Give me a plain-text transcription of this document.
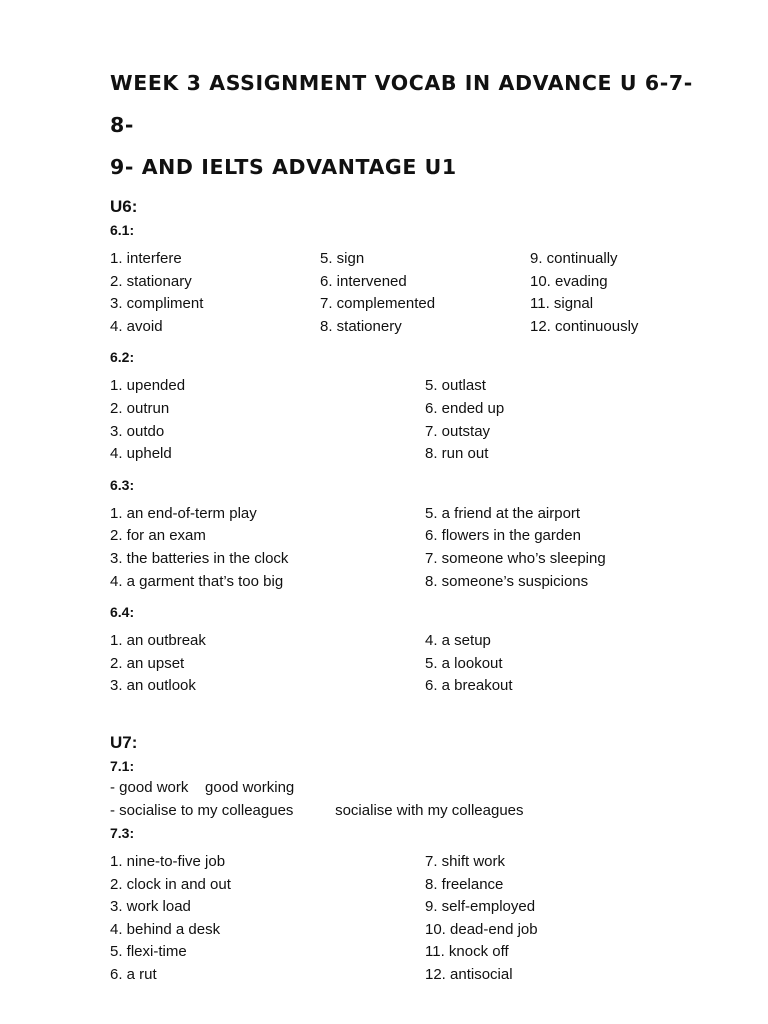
WEEK 3 ASSIGNMENT VOCAB IN ADVANCE U 6-7-8-
9- AND IELTS ADVANTAGE U1
U6:
6.1:
1. interfere	5. sign	9. continually
2. stationary	6. intervened	10. evading
3. compliment	7. complemented	11. signal
4. avoid	8. stationery	12. continuously
6.2:
1. upended	5. outlast
2. outrun	6. ended up
3. outdo	7. outstay
4. upheld	8. run out
6.3:
1. an end-of-term play	5. a friend at the airport
2. for an exam	6. flowers in the garden
3. the batteries in the clock	7. someone who’s sleeping
4. a garment that’s too big	8. someone’s suspicions
6.4:
1. an outbreak	4. a setup
2. an upset	5. a lookout
3. an outlook	6. a breakout
U7:
7.1:
- good work    good working
- socialise to my colleagues          socialise with my colleagues
7.3:
1. nine-to-five job	7. shift work
2. clock in and out	8. freelance
3. work load	9. self-employed
4. behind a desk	10. dead-end job
5. flexi-time	11. knock off
6. a rut	12. antisocial
